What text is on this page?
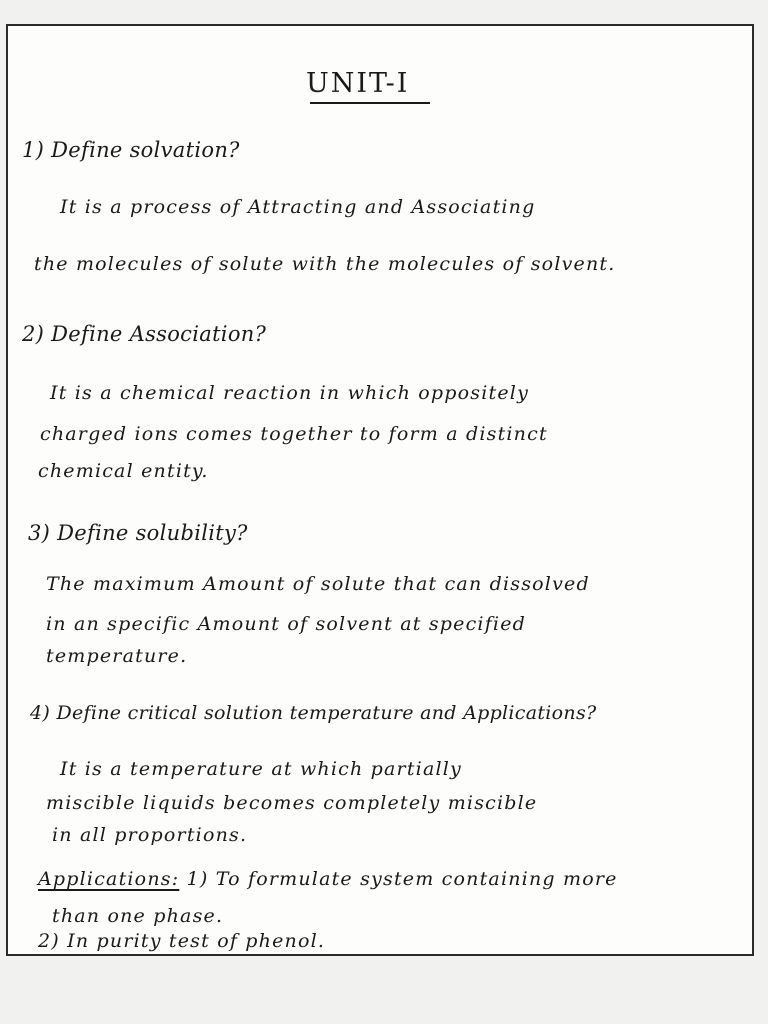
UNIT-I
1) Define solvation?
It is a process of Attracting and Associating
the molecules of solute with the molecules of solvent.
2) Define Association?
It is a chemical reaction in which oppositely
charged ions comes together to form a distinct
chemical entity.
3) Define solubility?
The maximum Amount of solute that can dissolved
in an specific Amount of solvent at specified
temperature.
4) Define critical solution temperature and Applications?
It is a temperature at which partially
miscible liquids becomes completely miscible
in all proportions.
Applications: 1) To formulate system containing more
than one phase.
2) In purity test of phenol.
